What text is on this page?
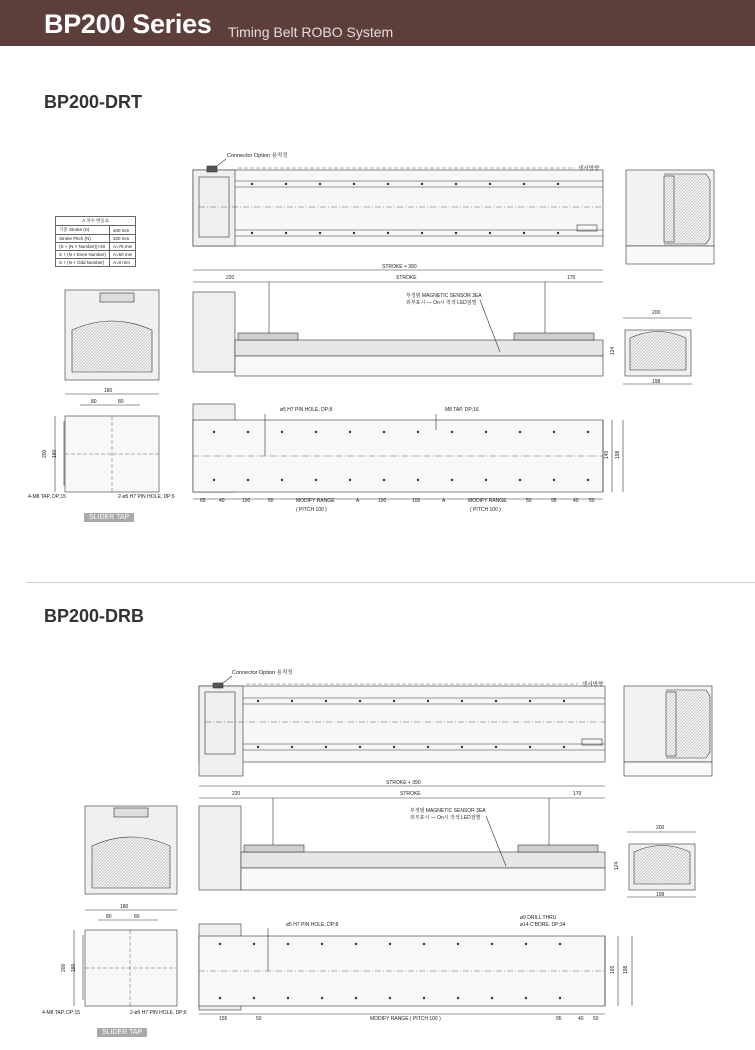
BP200 Series Timing Belt ROBO System
BP200-DRT
BP200-DRB
A 치수 변동표	
기준 Stroke (S)	400 mm
Stroke Pitch (N)	100 mm
(S + (N × Number))+50	A=75 mm
S + (N × Even Number)	A=50 mm
S + (N × Odd Number)	A=0 mm
SLIDER TAP
SLIDER TAP
Connector Option 용적정
센서방향
STROKE + 390
STROKE
220	170
부정범 MAGNETIC SENSOR 3EA
외부표시 — On시 적색 LED점멸
200
124
198
180
80	80
200 180
4-M8 TAP, DP;15	2-ø5 H7 PIN HOLE, DP;6
ø5 H7 PIN HOLE, DP;8	M8 TAP, DP;16
140 198
65	40	100	50	MODIFY RANGE	A	100	100	A	MODIFY RANGE	50	95	40 50
( PITCH 100 )	( PITCH 100 )
Connector Option 용적정
센서방향
STROKE + 390
STROKE
220	170
부정범 MAGNETIC SENSOR 3EA
외부표시 — On시 적색 LED점멸
200
124
198
180
80	80
200 180
4-M8 TAP, DP;15	2-ø5 H7 PIN HOLE, DP;6
ø5 H7 PIN HOLE, DP;8
ø9 DRILL THRU
ø14 C'BORE, DP;34
165 198
155	50	MODIFY RANGE ( PITCH 100 )	95	40 50
